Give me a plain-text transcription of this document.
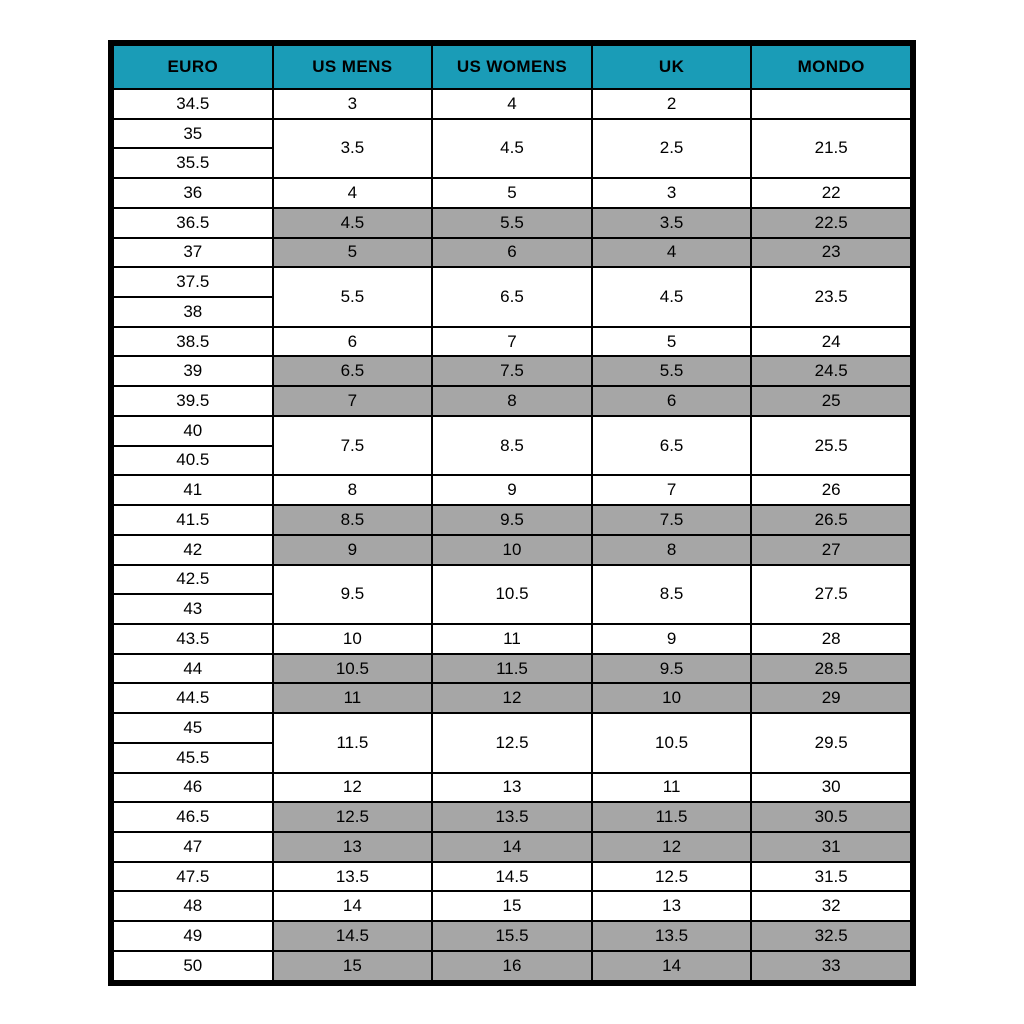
EURO	US MENS	US WOMENS	UK	MONDO
34.5	3	4	2	
35	3.5	4.5	2.5	21.5
35.5				
36	4	5	3	22
36.5	4.5	5.5	3.5	22.5
37	5	6	4	23
37.5	5.5	6.5	4.5	23.5
38				
38.5	6	7	5	24
39	6.5	7.5	5.5	24.5
39.5	7	8	6	25
40	7.5	8.5	6.5	25.5
40.5				
41	8	9	7	26
41.5	8.5	9.5	7.5	26.5
42	9	10	8	27
42.5	9.5	10.5	8.5	27.5
43				
43.5	10	11	9	28
44	10.5	11.5	9.5	28.5
44.5	11	12	10	29
45	11.5	12.5	10.5	29.5
45.5				
46	12	13	11	30
46.5	12.5	13.5	11.5	30.5
47	13	14	12	31
47.5	13.5	14.5	12.5	31.5
48	14	15	13	32
49	14.5	15.5	13.5	32.5
50	15	16	14	33
